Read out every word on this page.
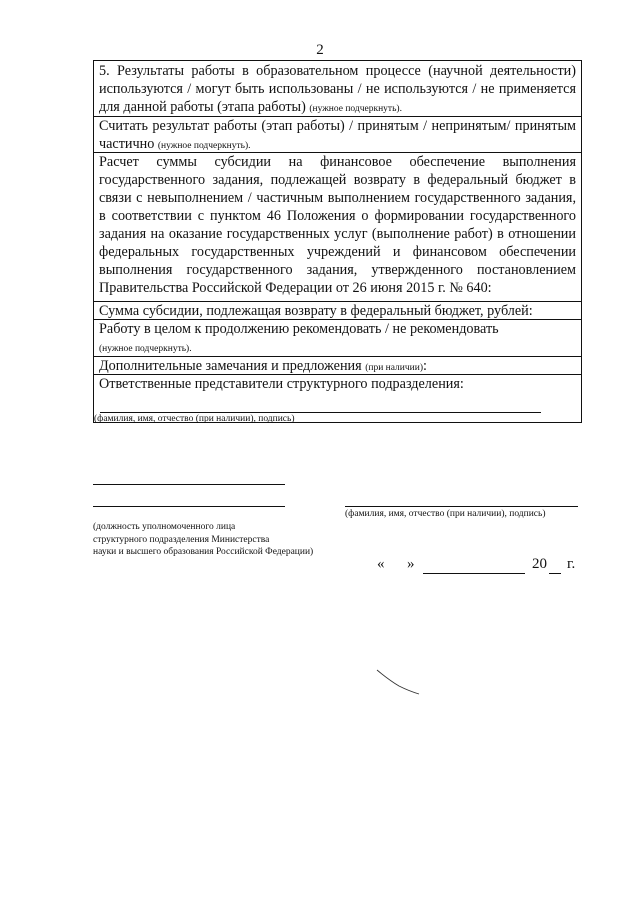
2
5. Результаты работы в образовательном процессе (научной деятельности) используются / могут быть использованы / не используются / не применяется для данной работы (этапа работы) (нужное подчеркнуть).
Считать результат работы (этап работы) / принятым / непринятым/ принятым частично (нужное подчеркнуть).
Расчет суммы субсидии на финансовое обеспечение выполнения государственного задания, подлежащей возврату в федеральный бюджет в связи с невыполнением / частичным выполнением государственного задания, в соответствии с пунктом 46 Положения о формировании государственного задания на оказание государственных услуг (выполнение работ) в отношении федеральных государственных учреждений и финансовом обеспечении выполнения государственного задания, утвержденного постановлением Правительства Российской Федерации от 26 июня 2015 г. № 640:
Сумма субсидии, подлежащая возврату в федеральный бюджет, рублей:
Работу в целом к продолжению рекомендовать / не рекомендовать
(нужное подчеркнуть).
Дополнительные замечания и предложения (при наличии):
Ответственные представители структурного подразделения:
(фамилия, имя, отчество (при наличии), подпись)
(фамилия, имя, отчество (при наличии), подпись)
(должность уполномоченного лица
структурного подразделения Министерства
науки и высшего образования Российской Федерации)
« »	20 г.
